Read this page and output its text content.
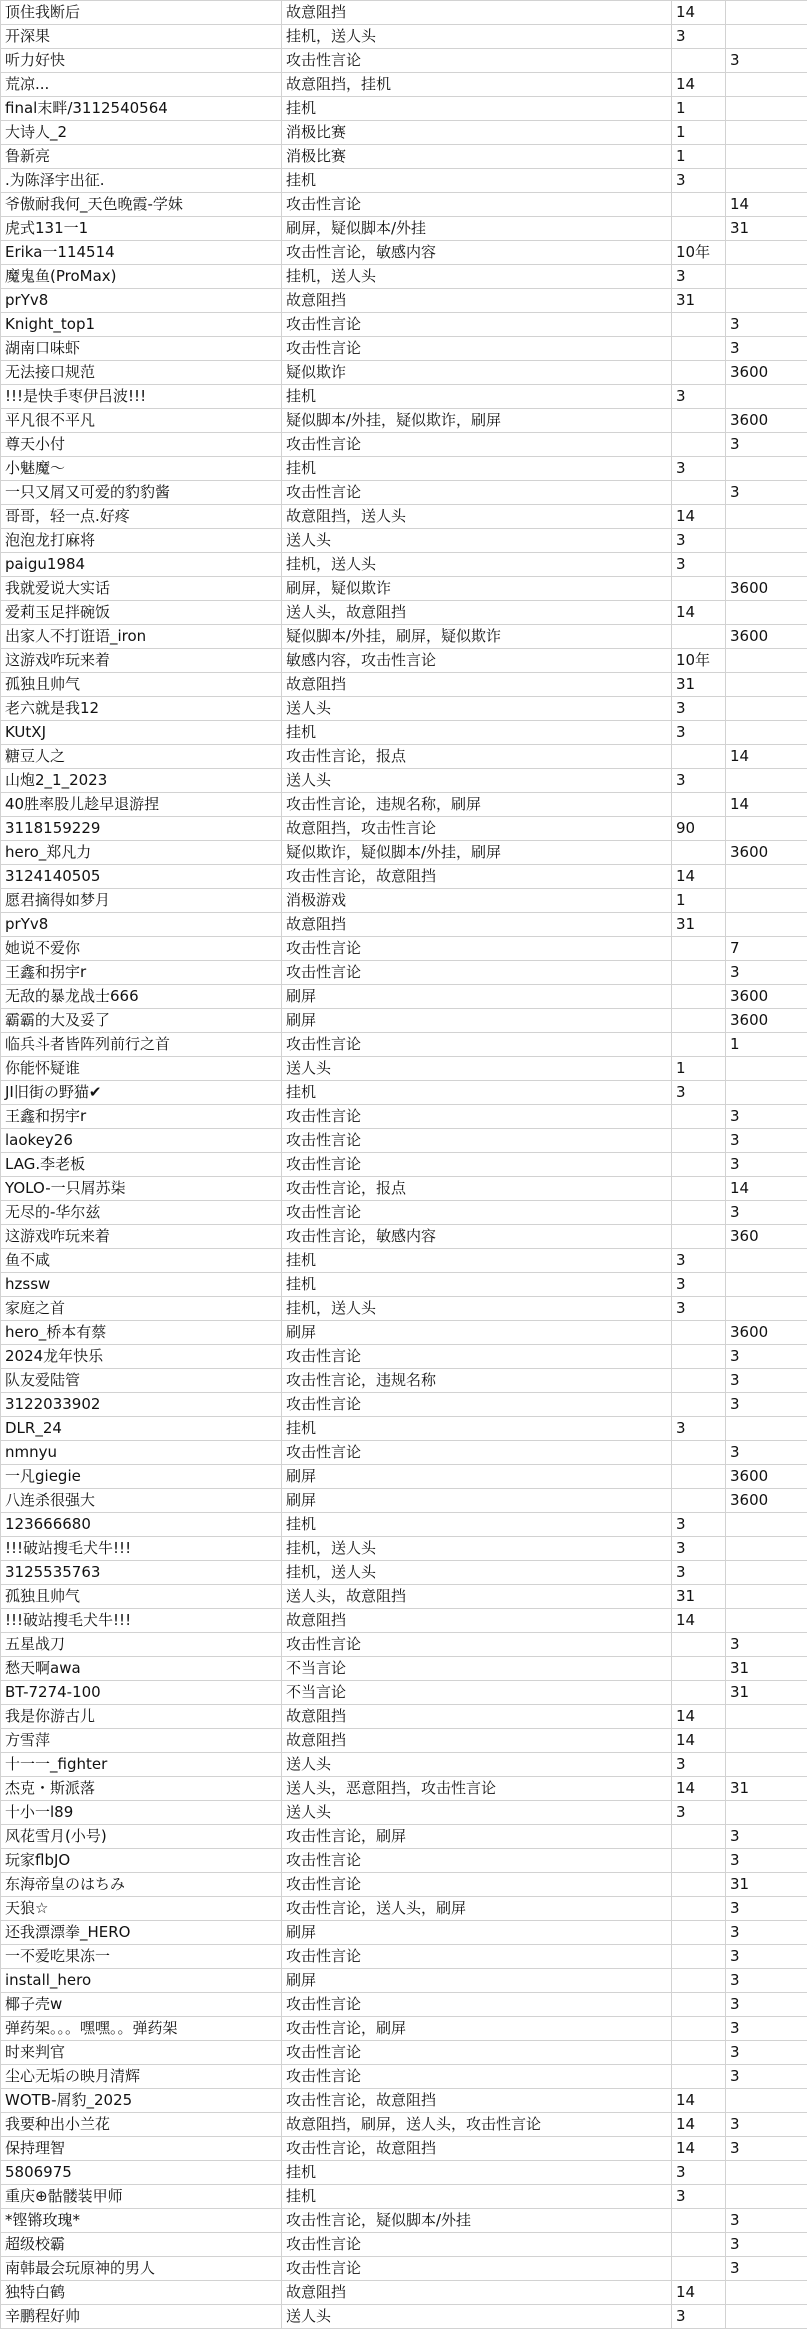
顶住我断后	故意阻挡	14	
开深果	挂机，送人头	3	
听力好快	攻击性言论		3
荒凉...	故意阻挡，挂机	14	
final末畔/3112540564	挂机	1	
大诗人_2	消极比赛	1	
鲁新亮	消极比赛	1	
.为陈泽宇出征.	挂机	3	
爷傲耐我何_天色晚霞-学妹	攻击性言论		14
虎式131一1	刷屏，疑似脚本/外挂		31
Erika一114514	攻击性言论，敏感内容	10年	
魔鬼鱼(ProMax)	挂机，送人头	3	
prYv8	故意阻挡	31	
Knight_top1	攻击性言论		3
湖南口味虾	攻击性言论		3
无法接口规范	疑似欺诈		3600
!!!是快手枣伊吕波!!!	挂机	3	
平凡很不平凡	疑似脚本/外挂，疑似欺诈，刷屏		3600
尊天小付	攻击性言论		3
小魅魔～	挂机	3	
一只又屑又可爱的豹豹酱	攻击性言论		3
哥哥，轻一点.好疼	故意阻挡，送人头	14	
泡泡龙打麻将	送人头	3	
paigu1984	挂机，送人头	3	
我就爱说大实话	刷屏，疑似欺诈		3600
爱莉玉足拌碗饭	送人头，故意阻挡	14	
出家人不打诳语_iron	疑似脚本/外挂，刷屏，疑似欺诈		3600
这游戏咋玩来着	敏感内容，攻击性言论	10年	
孤独且帅气	故意阻挡	31	
老六就是我12	送人头	3	
KUtXJ	挂机	3	
糖豆人之	攻击性言论，报点		14
山炮2_1_2023	送人头	3	
40胜率股儿趁早退游捏	攻击性言论，违规名称，刷屏		14
3118159229	故意阻挡，攻击性言论	90	
hero_郑凡力	疑似欺诈，疑似脚本/外挂，刷屏		3600
3124140505	攻击性言论，故意阻挡	14	
愿君摘得如梦月	消极游戏	1	
prYv8	故意阻挡	31	
她说不爱你	攻击性言论		7
王鑫和拐宇r	攻击性言论		3
无敌的暴龙战士666	刷屏		3600
霸霸的大及妥了	刷屏		3600
临兵斗者皆阵列前行之首	攻击性言论		1
你能怀疑谁	送人头	1	
JI旧街の野猫✔	挂机	3	
王鑫和拐宇r	攻击性言论		3
laokey26	攻击性言论		3
LAG.李老板	攻击性言论		3
YOLO-一只屑苏柒	攻击性言论，报点		14
无尽的-华尔兹	攻击性言论		3
这游戏咋玩来着	攻击性言论，敏感内容		360
鱼不咸	挂机	3	
hzssw	挂机	3	
家庭之首	挂机，送人头	3	
hero_桥本有蔡	刷屏		3600
2024龙年快乐	攻击性言论		3
队友爱陆管	攻击性言论，违规名称		3
3122033902	攻击性言论		3
DLR_24	挂机	3	
nmnyu	攻击性言论		3
一凡giegie	刷屏		3600
八连杀很强大	刷屏		3600
123666680	挂机	3	
!!!破站搜毛犬牛!!!	挂机，送人头	3	
3125535763	挂机，送人头	3	
孤独且帅气	送人头，故意阻挡	31	
!!!破站搜毛犬牛!!!	故意阻挡	14	
五星战刀	攻击性言论		3
愁天啊awa	不当言论		31
BT-7274-100	不当言论		31
我是你游古儿	故意阻挡	14	
方雪萍	故意阻挡	14	
十一一_fighter	送人头	3	
杰克・斯派落	送人头，恶意阻挡，攻击性言论	14	31
十小一l89	送人头	3	
风花雪月(小号)	攻击性言论，刷屏		3
玩家flbJO	攻击性言论		3
东海帝皇のはちみ	攻击性言论		31
天狼☆	攻击性言论，送人头，刷屏		3
还我漂漂拳_HERO	刷屏		3
一不爱吃果冻一	攻击性言论		3
install_hero	刷屏		3
椰子壳w	攻击性言论		3
弹药架。。。嘿嘿。。弹药架	攻击性言论，刷屏		3
时来判官	攻击性言论		3
尘心无垢の映月清辉	攻击性言论		3
WOTB-屑豹_2025	攻击性言论，故意阻挡	14	
我要种出小兰花	故意阻挡，刷屏，送人头，攻击性言论	14	3
保持理智	攻击性言论，故意阻挡	14	3
5806975	挂机	3	
重庆⊕骷髅装甲师	挂机	3	
*铿锵玫瑰*	攻击性言论，疑似脚本/外挂		3
超级校霸	攻击性言论		3
南韩最会玩原神的男人	攻击性言论		3
独特白鹤	故意阻挡	14	
辛鹏程好帅	送人头	3	
